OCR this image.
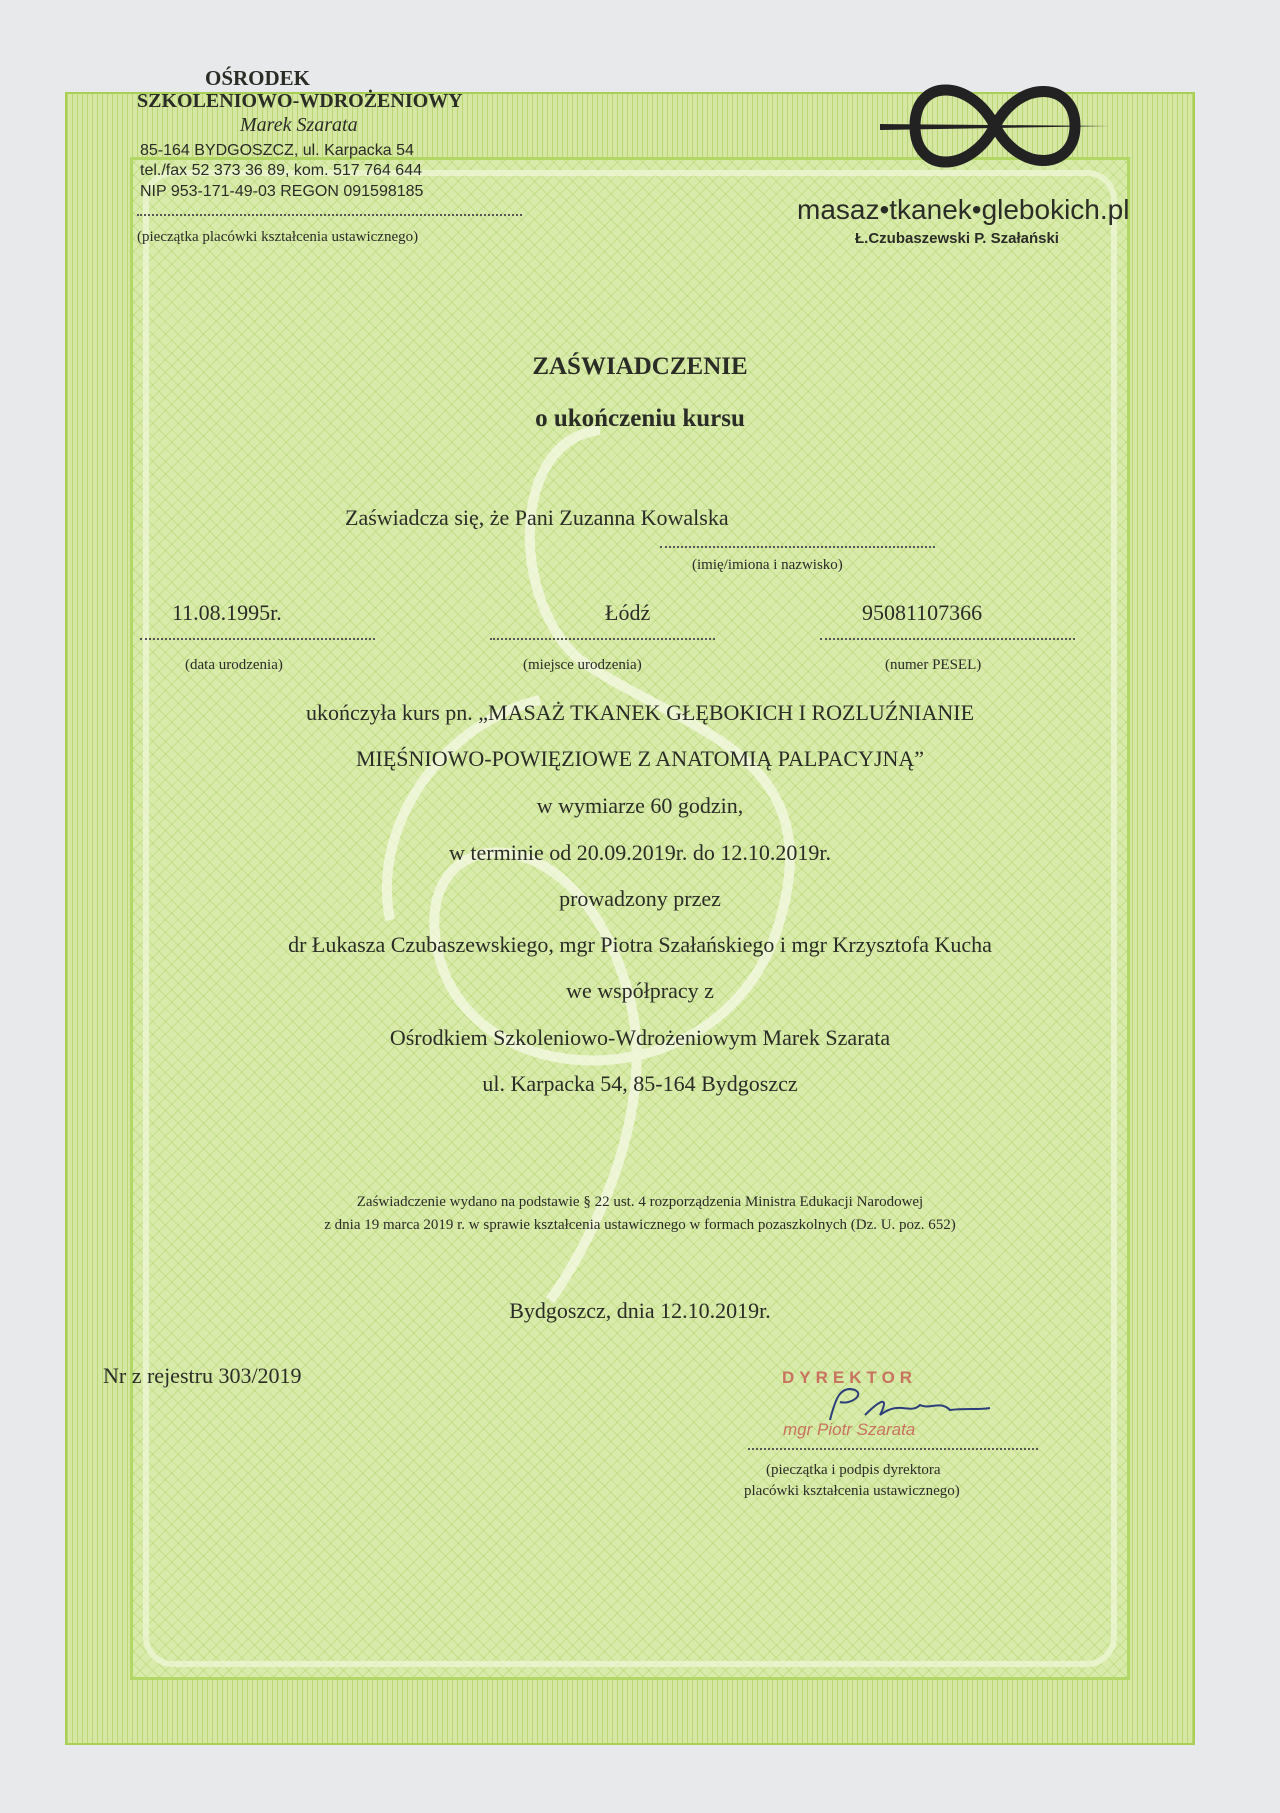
OŚRODEK
SZKOLENIOWO-WDROŻENIOWY
Marek Szarata
85-164 BYDGOSZCZ, ul. Karpacka 54
tel./fax 52 373 36 89, kom. 517 764 644
NIP 953-171-49-03 REGON 091598185
(pieczątka placówki kształcenia ustawicznego)
masaz•tkanek•glebokich.pl
Ł.Czubaszewski P. Szałański
ZAŚWIADCZENIE
o ukończeniu kursu
Zaświadcza się, że Pani Zuzanna Kowalska
(imię/imiona i nazwisko)
11.08.1995r.
(data urodzenia)
Łódź
(miejsce urodzenia)
95081107366
(numer PESEL)
ukończyła kurs pn. „MASAŻ TKANEK GŁĘBOKICH I ROZLUŹNIANIE
MIĘŚNIOWO-POWIĘZIOWE Z ANATOMIĄ PALPACYJNĄ”
w wymiarze 60 godzin,
w terminie od 20.09.2019r. do 12.10.2019r.
prowadzony przez
dr Łukasza Czubaszewskiego, mgr Piotra Szałańskiego i mgr Krzysztofa Kucha
we współpracy z
Ośrodkiem Szkoleniowo-Wdrożeniowym Marek Szarata
ul. Karpacka 54, 85-164 Bydgoszcz
Zaświadczenie wydano na podstawie § 22 ust. 4 rozporządzenia Ministra Edukacji Narodowej
z dnia 19 marca 2019 r. w sprawie kształcenia ustawicznego w formach pozaszkolnych (Dz. U. poz. 652)
Bydgoszcz, dnia 12.10.2019r.
Nr z rejestru 303/2019	DYREKTOR
mgr Piotr Szarata
(pieczątka i podpis dyrektora
placówki kształcenia ustawicznego)
